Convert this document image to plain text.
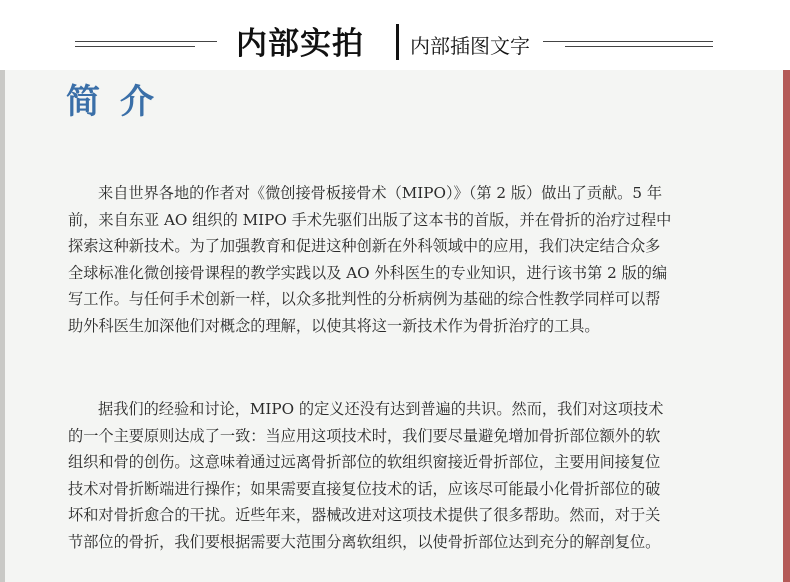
内部实拍 内部插图文字
简介
来自世界各地的作者对《微创接骨板接骨术（MIPO）》（第 2 版）做出了贡献。5 年
前，来自东亚 AO 组织的 MIPO 手术先驱们出版了这本书的首版，并在骨折的治疗过程中
探索这种新技术。为了加强教育和促进这种创新在外科领域中的应用，我们决定结合众多
全球标准化微创接骨课程的教学实践以及 AO 外科医生的专业知识，进行该书第 2 版的编
写工作。与任何手术创新一样，以众多批判性的分析病例为基础的综合性教学同样可以帮
助外科医生加深他们对概念的理解，以使其将这一新技术作为骨折治疗的工具。
据我们的经验和讨论，MIPO 的定义还没有达到普遍的共识。然而，我们对这项技术
的一个主要原则达成了一致：当应用这项技术时，我们要尽量避免增加骨折部位额外的软
组织和骨的创伤。这意味着通过远离骨折部位的软组织窗接近骨折部位，主要用间接复位
技术对骨折断端进行操作；如果需要直接复位技术的话，应该尽可能最小化骨折部位的破
坏和对骨折愈合的干扰。近些年来，器械改进对这项技术提供了很多帮助。然而，对于关
节部位的骨折，我们要根据需要大范围分离软组织，以使骨折部位达到充分的解剖复位。
